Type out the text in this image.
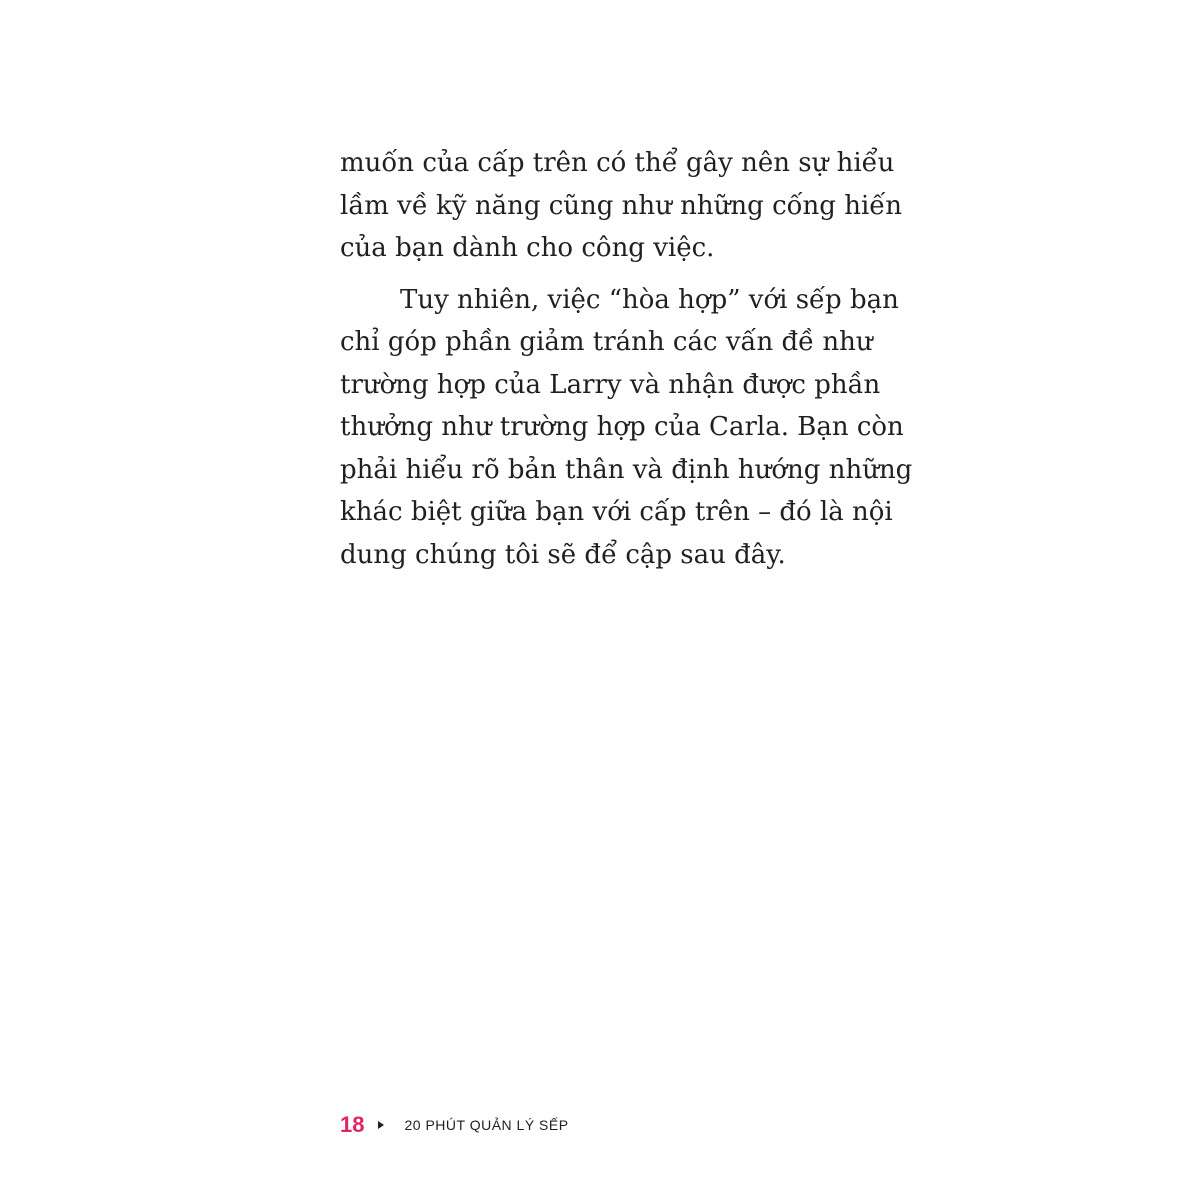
muốn của cấp trên có thể gây nên sự hiểu
lầm về kỹ năng cũng như những cống hiến
của bạn dành cho công việc.
Tuy nhiên, việc “hòa hợp” với sếp bạn
chỉ góp phần giảm tránh các vấn đề như
trường hợp của Larry và nhận được phần
thưởng như trường hợp của Carla. Bạn còn
phải hiểu rõ bản thân và định hướng những
khác biệt giữa bạn với cấp trên – đó là nội
dung chúng tôi sẽ để cập sau đây.
18	20 PHÚT QUẢN LÝ SẾP
